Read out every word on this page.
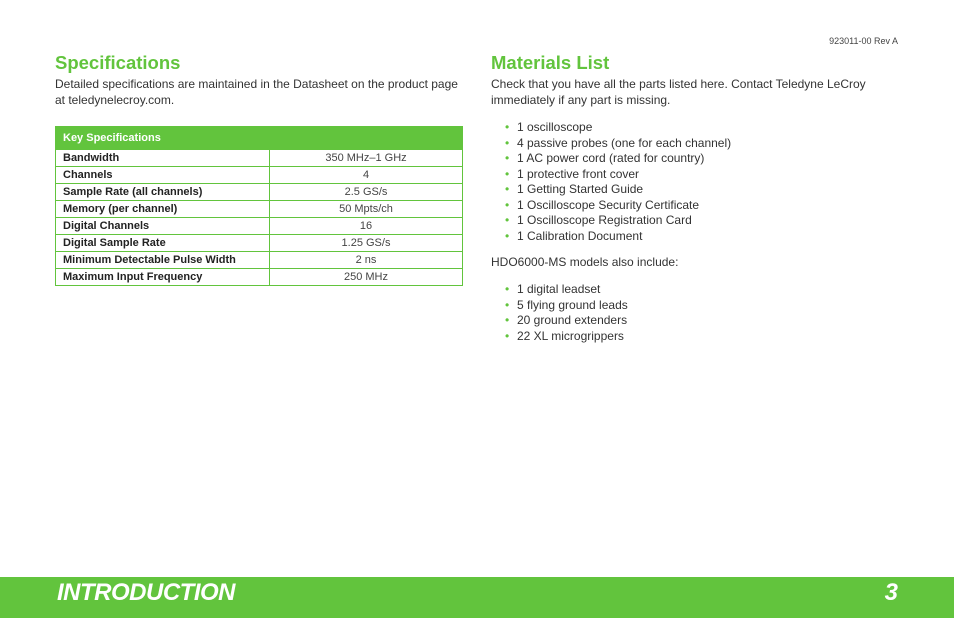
923011-00 Rev A
Specifications

Detailed specifications are maintained in the Datasheet on the product page at teledynelecroy.com.

Key Specifications	
Bandwidth	350 MHz–1 GHz
Channels	4
Sample Rate (all channels)	2.5 GS/s
Memory (per channel)	50 Mpts/ch
Digital Channels	16
Digital Sample Rate	1.25 GS/s
Minimum Detectable Pulse Width	2 ns
Maximum Input Frequency	250 MHz
Materials List

Check that you have all the parts listed here. Contact Teledyne LeCroy immediately if any part is missing.

• 1 oscilloscope
• 4 passive probes (one for each channel)
• 1 AC power cord (rated for country)
• 1 protective front cover
• 1 Getting Started Guide
• 1 Oscilloscope Security Certificate
• 1 Oscilloscope Registration Card
• 1 Calibration Document

HDO6000-MS models also include:

• 1 digital leadset
• 5 flying ground leads
• 20 ground extenders
• 22 XL microgrippers
INTRODUCTION	3
